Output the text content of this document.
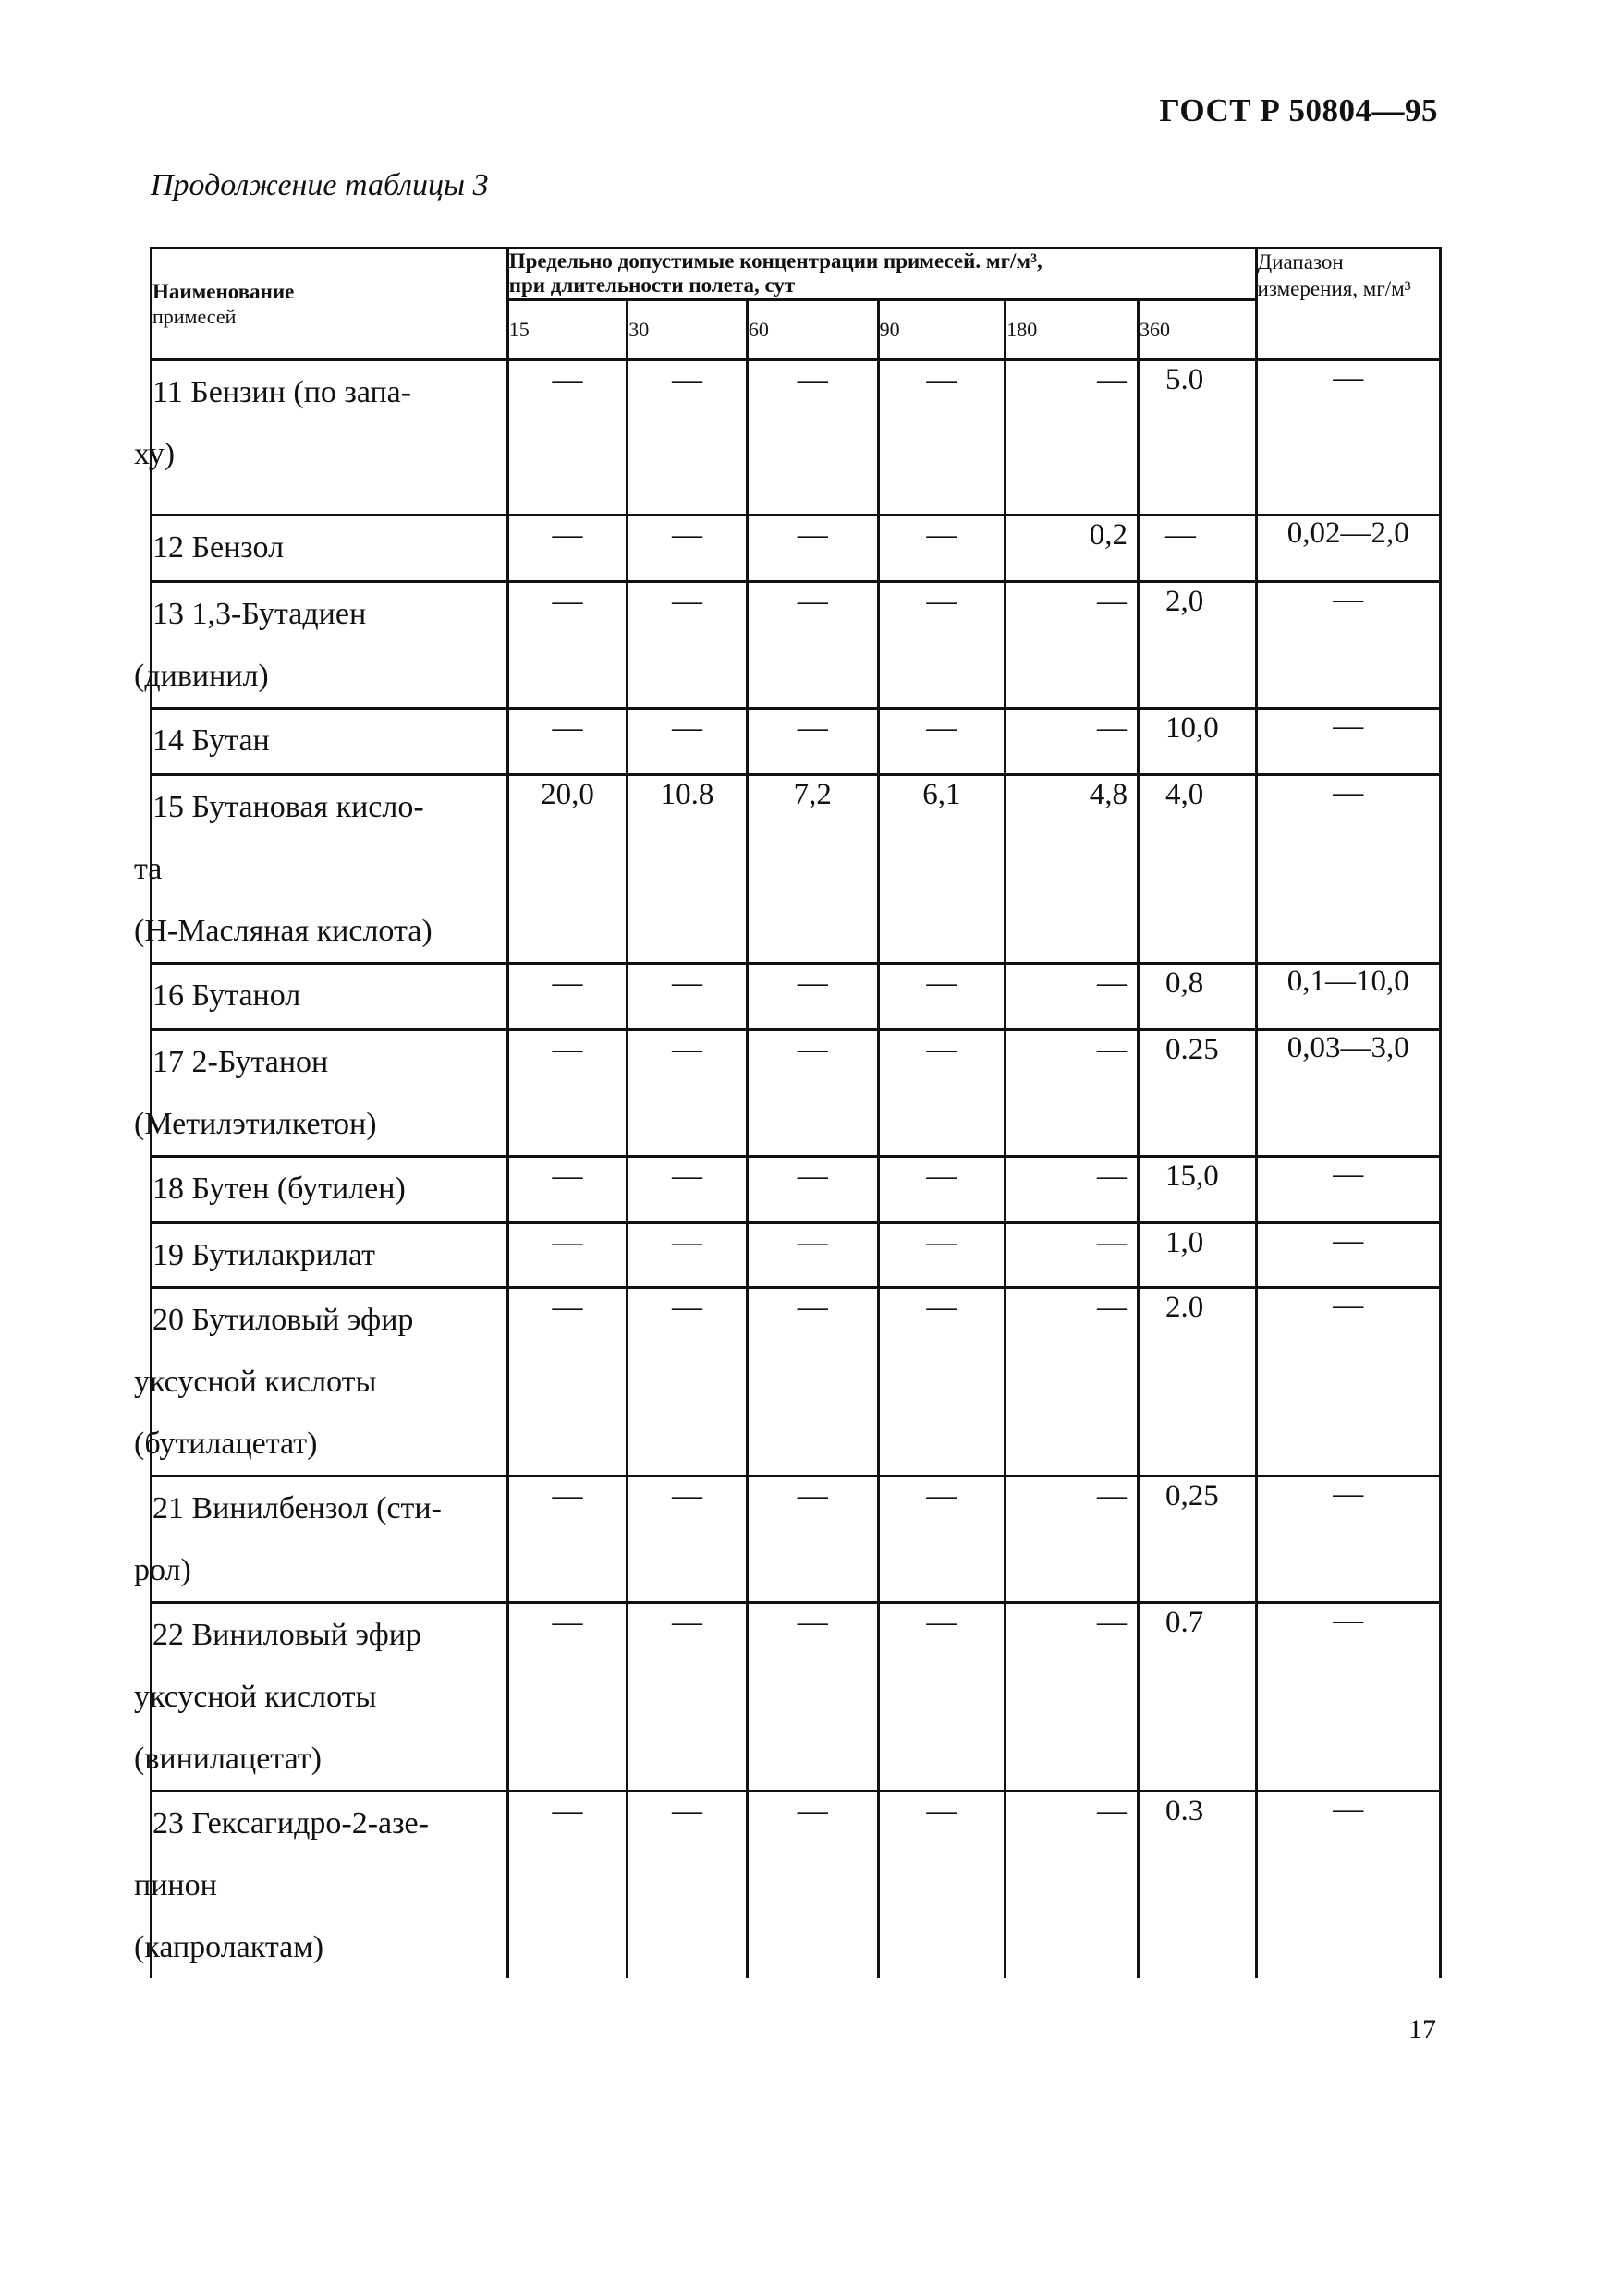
ГОСТ Р 50804—95
Продолжение таблицы 3
Наименование
примесей	Предельно допустимые концентрации примесей. мг/м³,
при длительности полета, сут						Диапазон измерения, мг/м³
	15	30	60	90	180	360	

11 Бензин (по запа-
ху)	—	—	—	—	—	5.0	—

12 Бензол	—	—	—	—	0,2	—	0,02—2,0

13 1,3-Бутадиен
(дивинил)	—	—	—	—	—	2,0	—

14 Бутан	—	—	—	—	—	10,0	—

15 Бутановая кисло-
та
(Н-Масляная кислота)	20,0	10.8	7,2	6,1	4,8	4,0	—

16 Бутанол	—	—	—	—	—	0,8	0,1—10,0

17 2-Бутанон
(Метилэтилкетон)	—	—	—	—	—	0.25	0,03—3,0

18 Бутен (бутилен)	—	—	—	—	—	15,0	—

19 Бутилакрилат	—	—	—	—	—	1,0	—

20 Бутиловый эфир
уксусной кислоты
(бутилацетат)	—	—	—	—	—	2.0	—

21 Винилбензол (сти-
рол)	—	—	—	—	—	0,25	—

22 Виниловый эфир
уксусной кислоты
(винилацетат)	—	—	—	—	—	0.7	—

23 Гексагидро-2-азе-
пинон
(капролактам)	—	—	—	—	—	0.3	—
17
